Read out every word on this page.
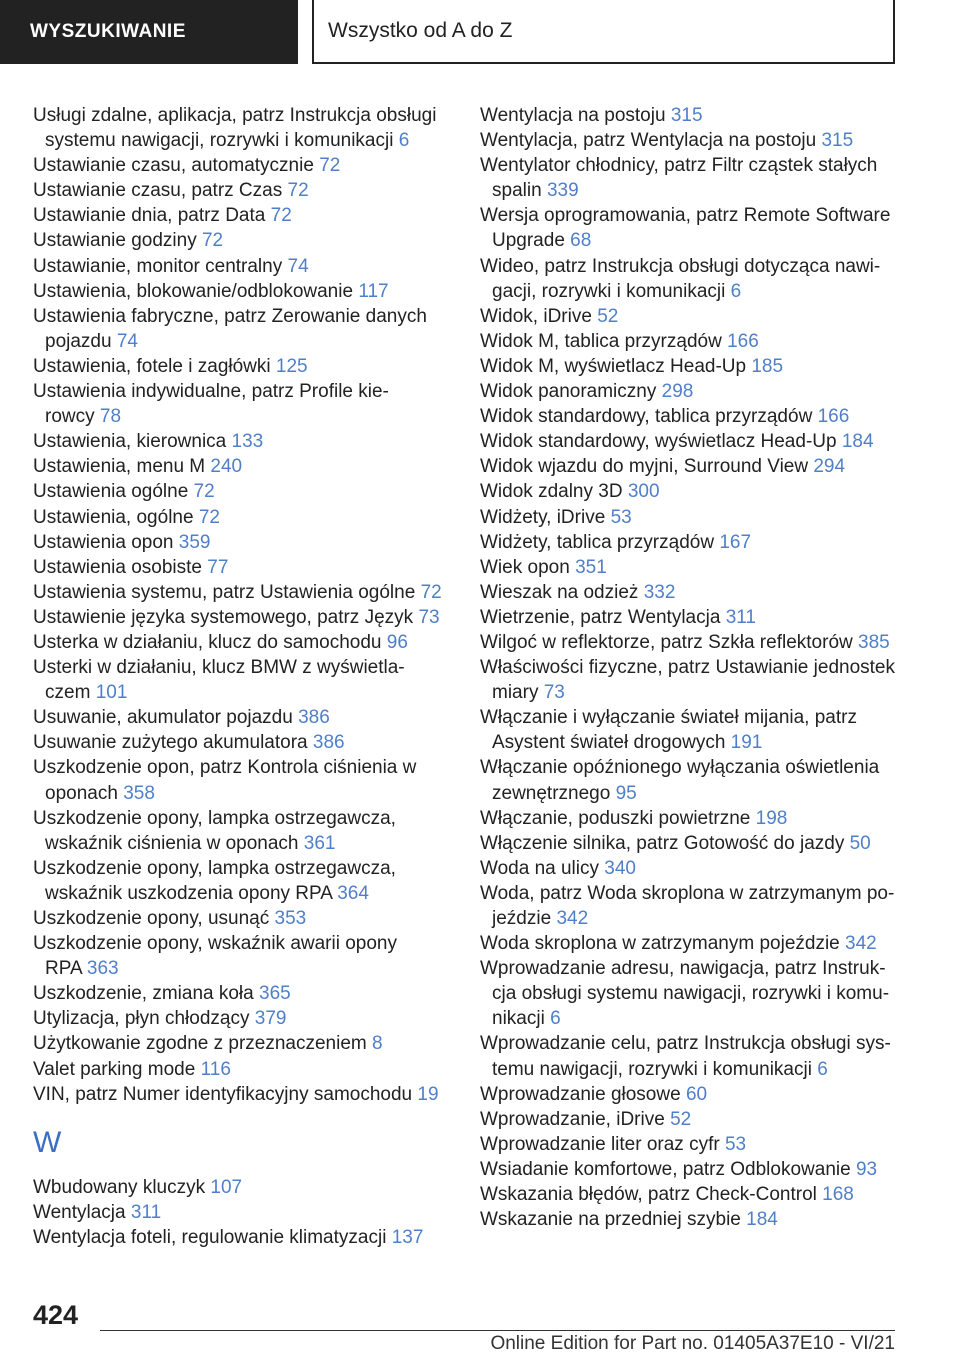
WYSZUKIWANIE	Wszystko od A do Z

Usługi zdalne, aplikacja, patrz Instrukcja obsługi
systemu nawigacji, rozrywki i komunikacji 6

Ustawianie czasu, automatycznie 72

Ustawianie czasu, patrz Czas 72

Ustawianie dnia, patrz Data 72

Ustawianie godziny 72

Ustawianie, monitor centralny 74

Ustawienia, blokowanie/odblokowanie 117

Ustawienia fabryczne, patrz Zerowanie danych
pojazdu 74

Ustawienia, fotele i zagłówki 125

Ustawienia indywidualne, patrz Profile kie-
rowcy 78

Ustawienia, kierownica 133

Ustawienia, menu M 240

Ustawienia ogólne 72

Ustawienia, ogólne 72

Ustawienia opon 359

Ustawienia osobiste 77

Ustawienia systemu, patrz Ustawienia ogólne 72

Ustawienie języka systemowego, patrz Język 73

Usterka w działaniu, klucz do samochodu 96

Usterki w działaniu, klucz BMW z wyświetla-
czem 101

Usuwanie, akumulator pojazdu 386

Usuwanie zużytego akumulatora 386

Uszkodzenie opon, patrz Kontrola ciśnienia w
oponach 358

Uszkodzenie opony, lampka ostrzegawcza,
wskaźnik ciśnienia w oponach 361

Uszkodzenie opony, lampka ostrzegawcza,
wskaźnik uszkodzenia opony RPA 364

Uszkodzenie opony, usunąć 353

Uszkodzenie opony, wskaźnik awarii opony
RPA 363

Uszkodzenie, zmiana koła 365

Utylizacja, płyn chłodzący 379

Użytkowanie zgodne z przeznaczeniem 8

Valet parking mode 116

VIN, patrz Numer identyfikacyjny samochodu 19

W

Wbudowany kluczyk 107

Wentylacja 311

Wentylacja foteli, regulowanie klimatyzacji 137

Wentylacja na postoju 315

Wentylacja, patrz Wentylacja na postoju 315

Wentylator chłodnicy, patrz Filtr cząstek stałych
spalin 339

Wersja oprogramowania, patrz Remote Software
Upgrade 68

Wideo, patrz Instrukcja obsługi dotycząca nawi-
gacji, rozrywki i komunikacji 6

Widok, iDrive 52

Widok M, tablica przyrządów 166

Widok M, wyświetlacz Head-Up 185

Widok panoramiczny 298

Widok standardowy, tablica przyrządów 166

Widok standardowy, wyświetlacz Head-Up 184

Widok wjazdu do myjni, Surround View 294

Widok zdalny 3D 300

Widżety, iDrive 53

Widżety, tablica przyrządów 167

Wiek opon 351

Wieszak na odzież 332

Wietrzenie, patrz Wentylacja 311

Wilgoć w reflektorze, patrz Szkła reflektorów 385

Właściwości fizyczne, patrz Ustawianie jednostek
miary 73

Włączanie i wyłączanie świateł mijania, patrz
Asystent świateł drogowych 191

Włączanie opóźnionego wyłączania oświetlenia
zewnętrznego 95

Włączanie, poduszki powietrzne 198

Włączenie silnika, patrz Gotowość do jazdy 50

Woda na ulicy 340

Woda, patrz Woda skroplona w zatrzymanym po-
jeździe 342

Woda skroplona w zatrzymanym pojeździe 342

Wprowadzanie adresu, nawigacja, patrz Instruk-
cja obsługi systemu nawigacji, rozrywki i komu-
nikacji 6

Wprowadzanie celu, patrz Instrukcja obsługi sys-
temu nawigacji, rozrywki i komunikacji 6

Wprowadzanie głosowe 60

Wprowadzanie, iDrive 52

Wprowadzanie liter oraz cyfr 53

Wsiadanie komfortowe, patrz Odblokowanie 93

Wskazania błędów, patrz Check-Control 168

Wskazanie na przedniej szybie 184

424
Online Edition for Part no. 01405A37E10 - VI/21
